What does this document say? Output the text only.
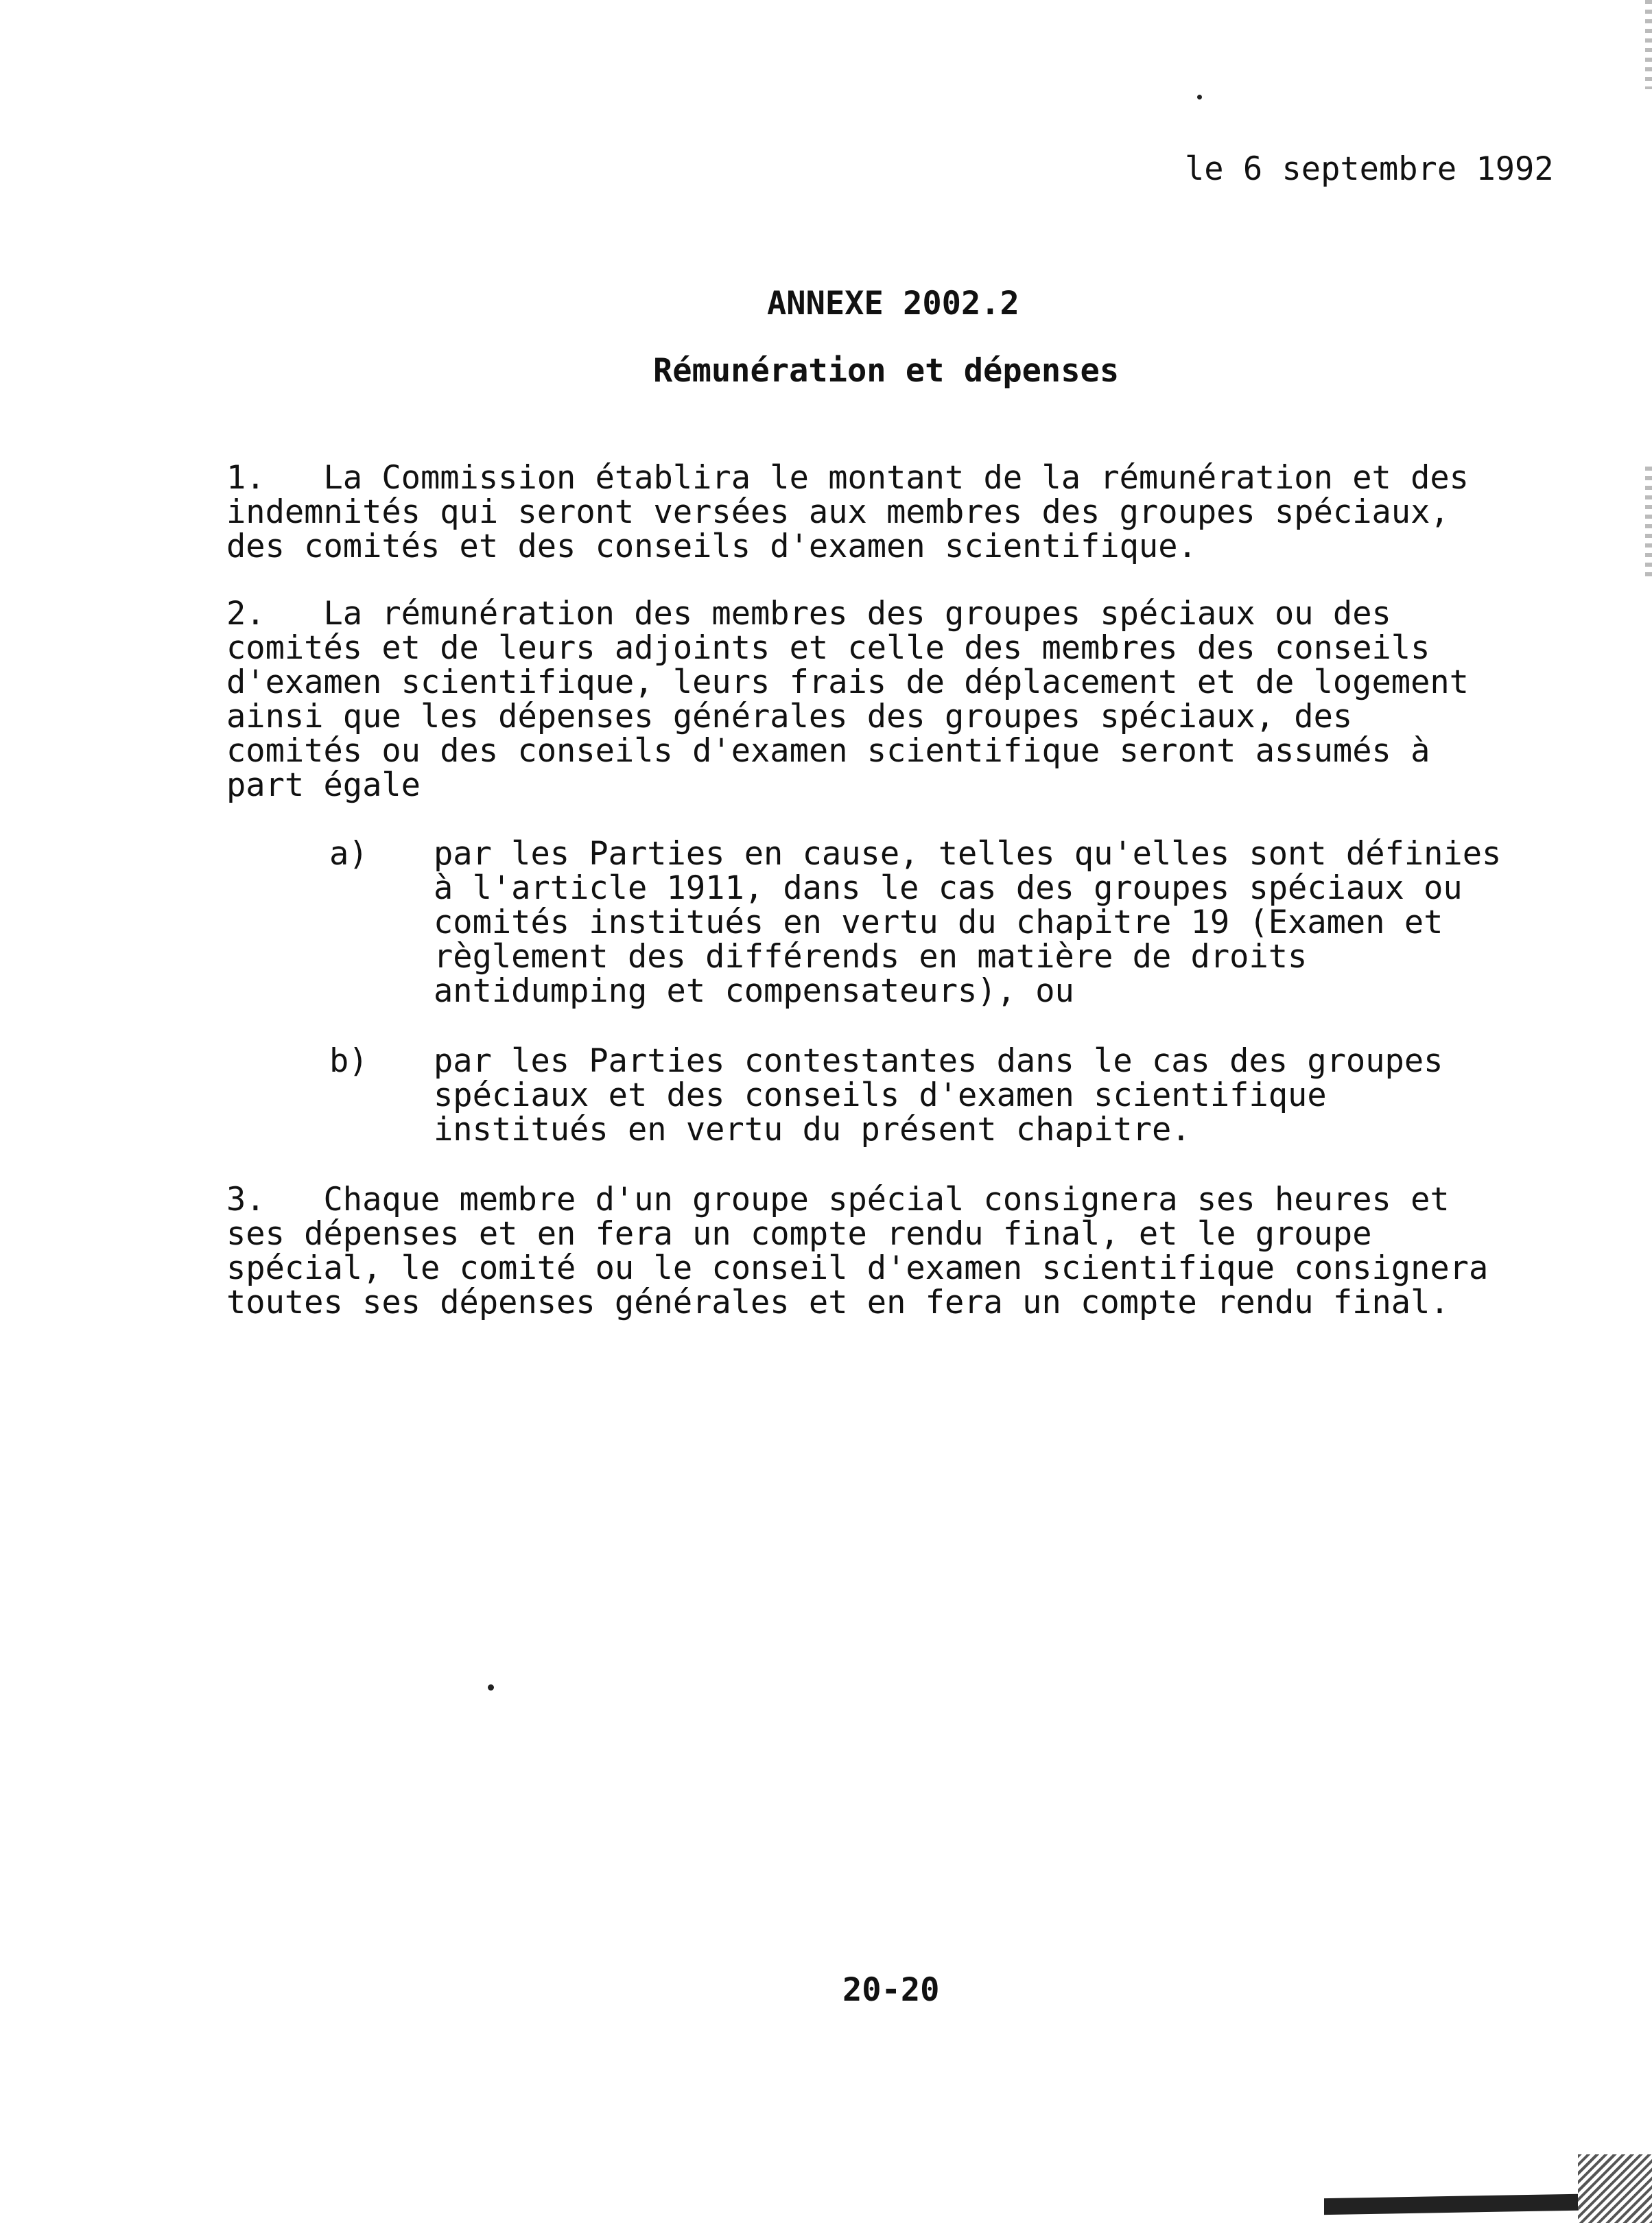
le 6 septembre 1992
ANNEXE 2002.2
Rémunération et dépenses
1.   La Commission établira le montant de la rémunération et des
indemnités qui seront versées aux membres des groupes spéciaux,
des comités et des conseils d'examen scientifique.
2.   La rémunération des membres des groupes spéciaux ou des
comités et de leurs adjoints et celle des membres des conseils
d'examen scientifique, leurs frais de déplacement et de logement
ainsi que les dépenses générales des groupes spéciaux, des
comités ou des conseils d'examen scientifique seront assumés à
part égale
a) par les Parties en cause, telles qu'elles sont définies
à l'article 1911, dans le cas des groupes spéciaux ou
comités institués en vertu du chapitre 19 (Examen et
règlement des différends en matière de droits
antidumping et compensateurs), ou
b) par les Parties contestantes dans le cas des groupes
spéciaux et des conseils d'examen scientifique
institués en vertu du présent chapitre.
3.   Chaque membre d'un groupe spécial consignera ses heures et
ses dépenses et en fera un compte rendu final, et le groupe
spécial, le comité ou le conseil d'examen scientifique consignera
toutes ses dépenses générales et en fera un compte rendu final.
20-20
